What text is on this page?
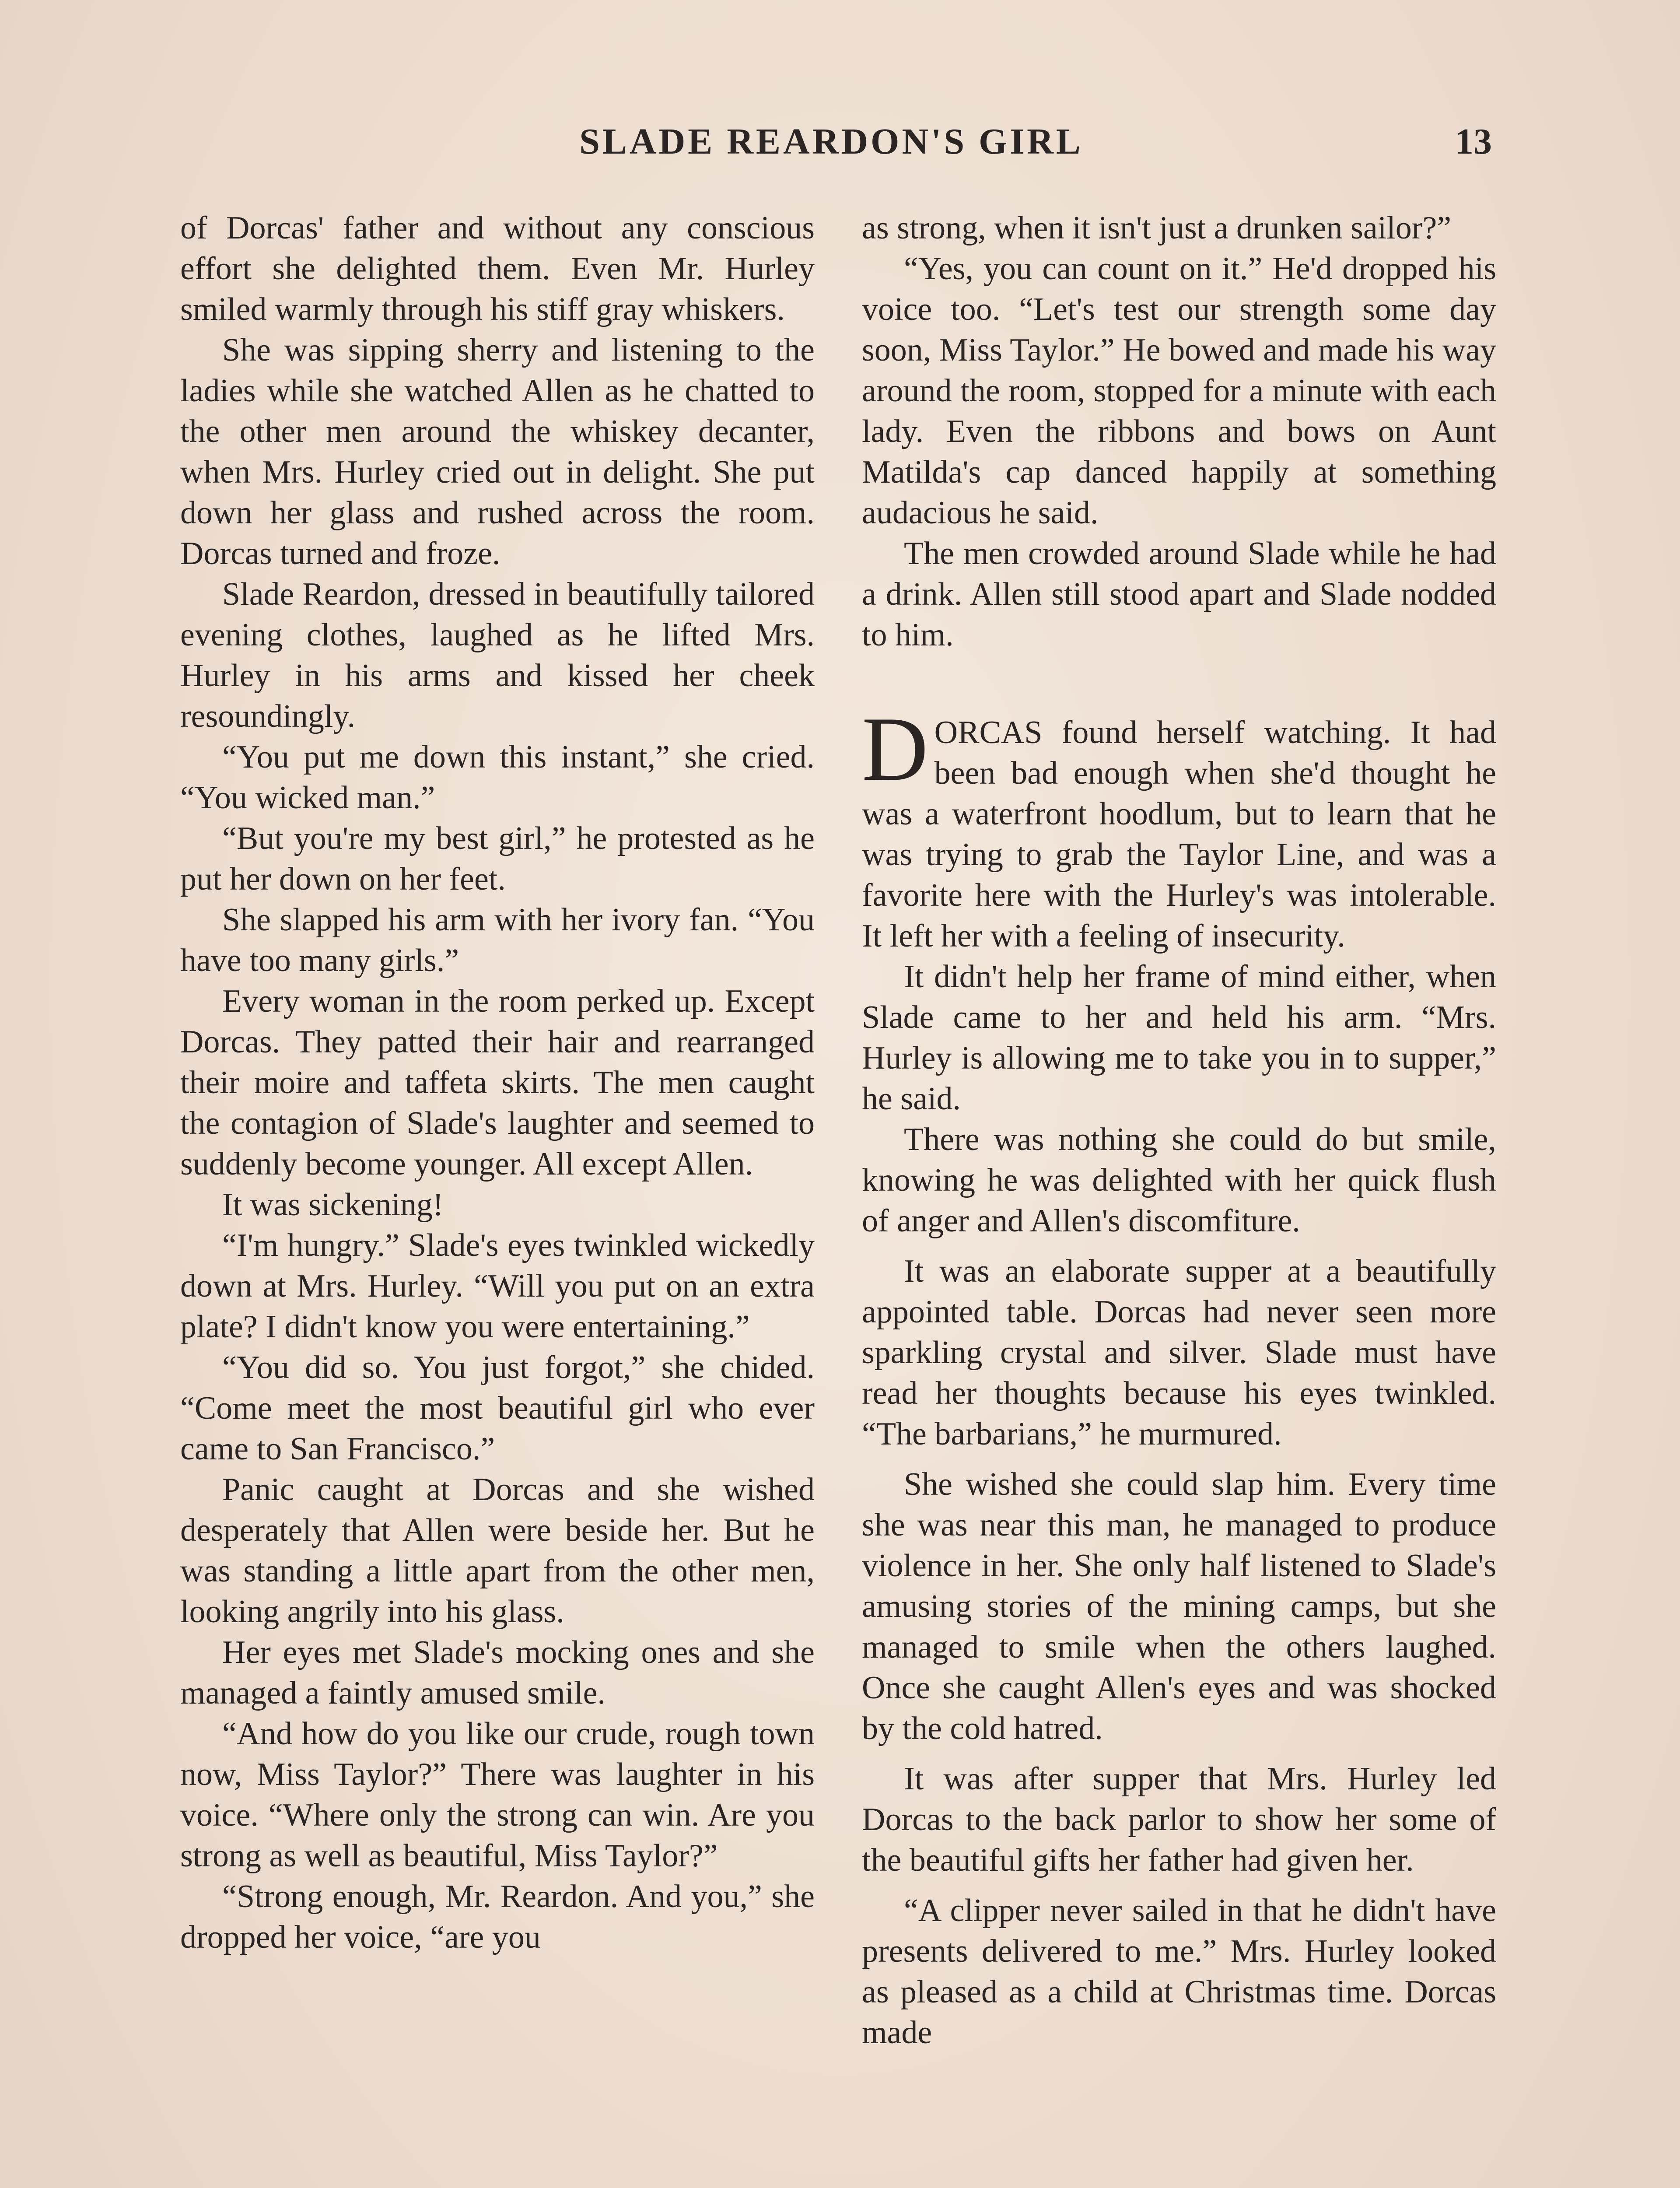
SLADE REARDON'S GIRL	13

of Dorcas' father and without any conscious effort she delighted them. Even Mr. Hurley smiled warmly through his stiff gray whiskers.

She was sipping sherry and listening to the ladies while she watched Allen as he chatted to the other men around the whiskey decanter, when Mrs. Hurley cried out in delight. She put down her glass and rushed across the room. Dorcas turned and froze.

Slade Reardon, dressed in beautifully tailored evening clothes, laughed as he lifted Mrs. Hurley in his arms and kissed her cheek resoundingly.

“You put me down this instant,” she cried. “You wicked man.”

“But you're my best girl,” he protested as he put her down on her feet.

She slapped his arm with her ivory fan. “You have too many girls.”

Every woman in the room perked up. Except Dorcas. They patted their hair and rearranged their moire and taffeta skirts. The men caught the contagion of Slade's laughter and seemed to suddenly become younger. All except Allen.

It was sickening!

“I'm hungry.” Slade's eyes twinkled wickedly down at Mrs. Hurley. “Will you put on an extra plate? I didn't know you were entertaining.”

“You did so. You just forgot,” she chided. “Come meet the most beautiful girl who ever came to San Francisco.”

Panic caught at Dorcas and she wished desperately that Allen were beside her. But he was standing a little apart from the other men, looking angrily into his glass.

Her eyes met Slade's mocking ones and she managed a faintly amused smile.

“And how do you like our crude, rough town now, Miss Taylor?” There was laughter in his voice. “Where only the strong can win. Are you strong as well as beautiful, Miss Taylor?”

“Strong enough, Mr. Reardon. And you,” she dropped her voice, “are you

as strong, when it isn't just a drunken sailor?”

“Yes, you can count on it.” He'd dropped his voice too. “Let's test our strength some day soon, Miss Taylor.” He bowed and made his way around the room, stopped for a minute with each lady. Even the ribbons and bows on Aunt Matilda's cap danced happily at something audacious he said.

The men crowded around Slade while he had a drink. Allen still stood apart and Slade nodded to him.

DORCAS found herself watching. It had been bad enough when she'd thought he was a waterfront hoodlum, but to learn that he was trying to grab the Taylor Line, and was a favorite here with the Hurley's was intolerable. It left her with a feeling of insecurity.

It didn't help her frame of mind either, when Slade came to her and held his arm. “Mrs. Hurley is allowing me to take you in to supper,” he said.

There was nothing she could do but smile, knowing he was delighted with her quick flush of anger and Allen's discomfiture.

It was an elaborate supper at a beautifully appointed table. Dorcas had never seen more sparkling crystal and silver. Slade must have read her thoughts because his eyes twinkled. “The barbarians,” he murmured.

She wished she could slap him. Every time she was near this man, he managed to produce violence in her. She only half listened to Slade's amusing stories of the mining camps, but she managed to smile when the others laughed. Once she caught Allen's eyes and was shocked by the cold hatred.

It was after supper that Mrs. Hurley led Dorcas to the back parlor to show her some of the beautiful gifts her father had given her.

“A clipper never sailed in that he didn't have presents delivered to me.” Mrs. Hurley looked as pleased as a child at Christmas time. Dorcas made
